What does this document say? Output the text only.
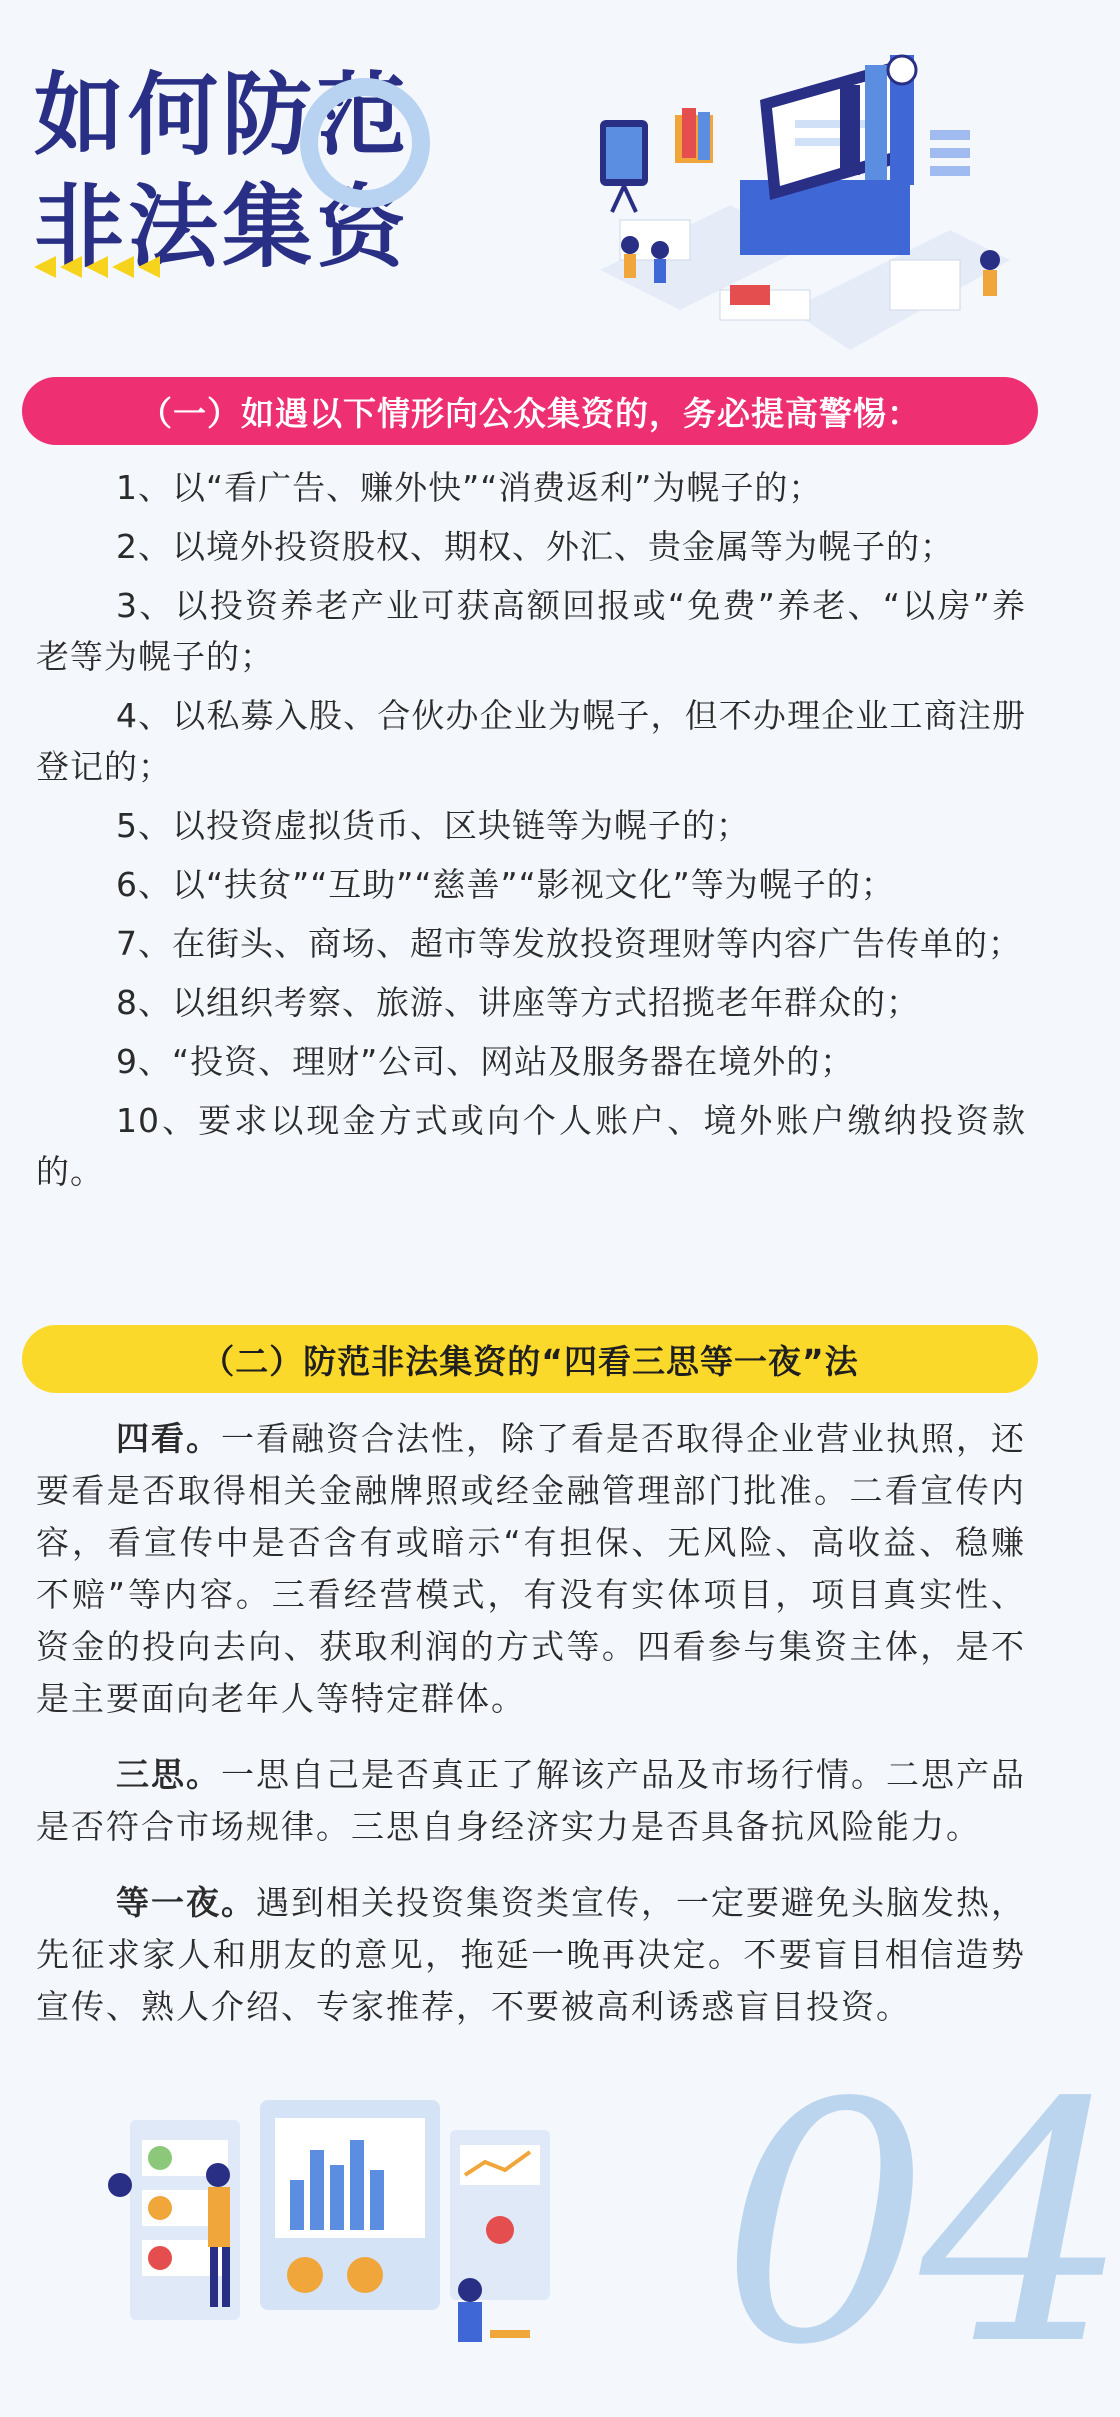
如何防范
非法集资
（一）如遇以下情形向公众集资的，务必提高警惕：

1、以“看广告、赚外快”“消费返利”为幌子的；

2、以境外投资股权、期权、外汇、贵金属等为幌子的；

3、以投资养老产业可获高额回报或“免费”养老、“以房”养老等为幌子的；

4、以私募入股、合伙办企业为幌子，但不办理企业工商注册登记的；

5、以投资虚拟货币、区块链等为幌子的；

6、以“扶贫”“互助”“慈善”“影视文化”等为幌子的；

7、在街头、商场、超市等发放投资理财等内容广告传单的；

8、以组织考察、旅游、讲座等方式招揽老年群众的；

9、“投资、理财”公司、网站及服务器在境外的；

10、要求以现金方式或向个人账户、境外账户缴纳投资款的。

（二）防范非法集资的“四看三思等一夜”法

四看。一看融资合法性，除了看是否取得企业营业执照，还要看是否取得相关金融牌照或经金融管理部门批准。二看宣传内容，看宣传中是否含有或暗示“有担保、无风险、高收益、稳赚不赔”等内容。三看经营模式，有没有实体项目，项目真实性、资金的投向去向、获取利润的方式等。四看参与集资主体，是不是主要面向老年人等特定群体。

三思。一思自己是否真正了解该产品及市场行情。二思产品是否符合市场规律。三思自身经济实力是否具备抗风险能力。

等一夜。遇到相关投资集资类宣传，一定要避免头脑发热，先征求家人和朋友的意见，拖延一晚再决定。不要盲目相信造势宣传、熟人介绍、专家推荐，不要被高利诱惑盲目投资。

04
